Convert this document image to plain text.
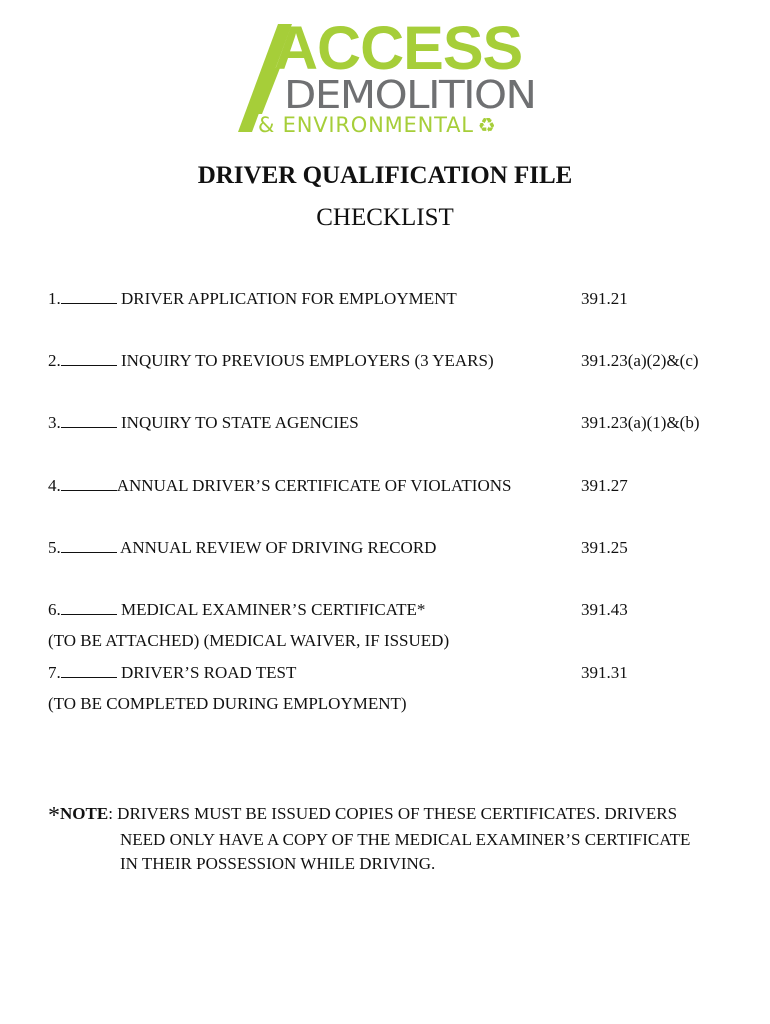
ACCESS
DEMOLITION
& ENVIRONMENTAL ♻
DRIVER QUALIFICATION FILE
CHECKLIST
1.	DRIVER APPLICATION FOR EMPLOYMENT	391.21
2.	INQUIRY TO PREVIOUS EMPLOYERS (3 YEARS)	391.23(a)(2)&(c)
3.	INQUIRY TO STATE AGENCIES	391.23(a)(1)&(b)
4.	ANNUAL DRIVER’S CERTIFICATE OF VIOLATIONS	391.27
5.	ANNUAL REVIEW OF DRIVING RECORD	391.25
6.	MEDICAL EXAMINER’S CERTIFICATE*	391.43
(TO BE ATTACHED) (MEDICAL WAIVER, IF ISSUED)
7.	DRIVER’S ROAD TEST	391.31
(TO BE COMPLETED DURING EMPLOYMENT)
*NOTE: DRIVERS MUST BE ISSUED COPIES OF THESE CERTIFICATES. DRIVERS
NEED ONLY HAVE A COPY OF THE MEDICAL EXAMINER’S CERTIFICATE
IN THEIR POSSESSION WHILE DRIVING.
